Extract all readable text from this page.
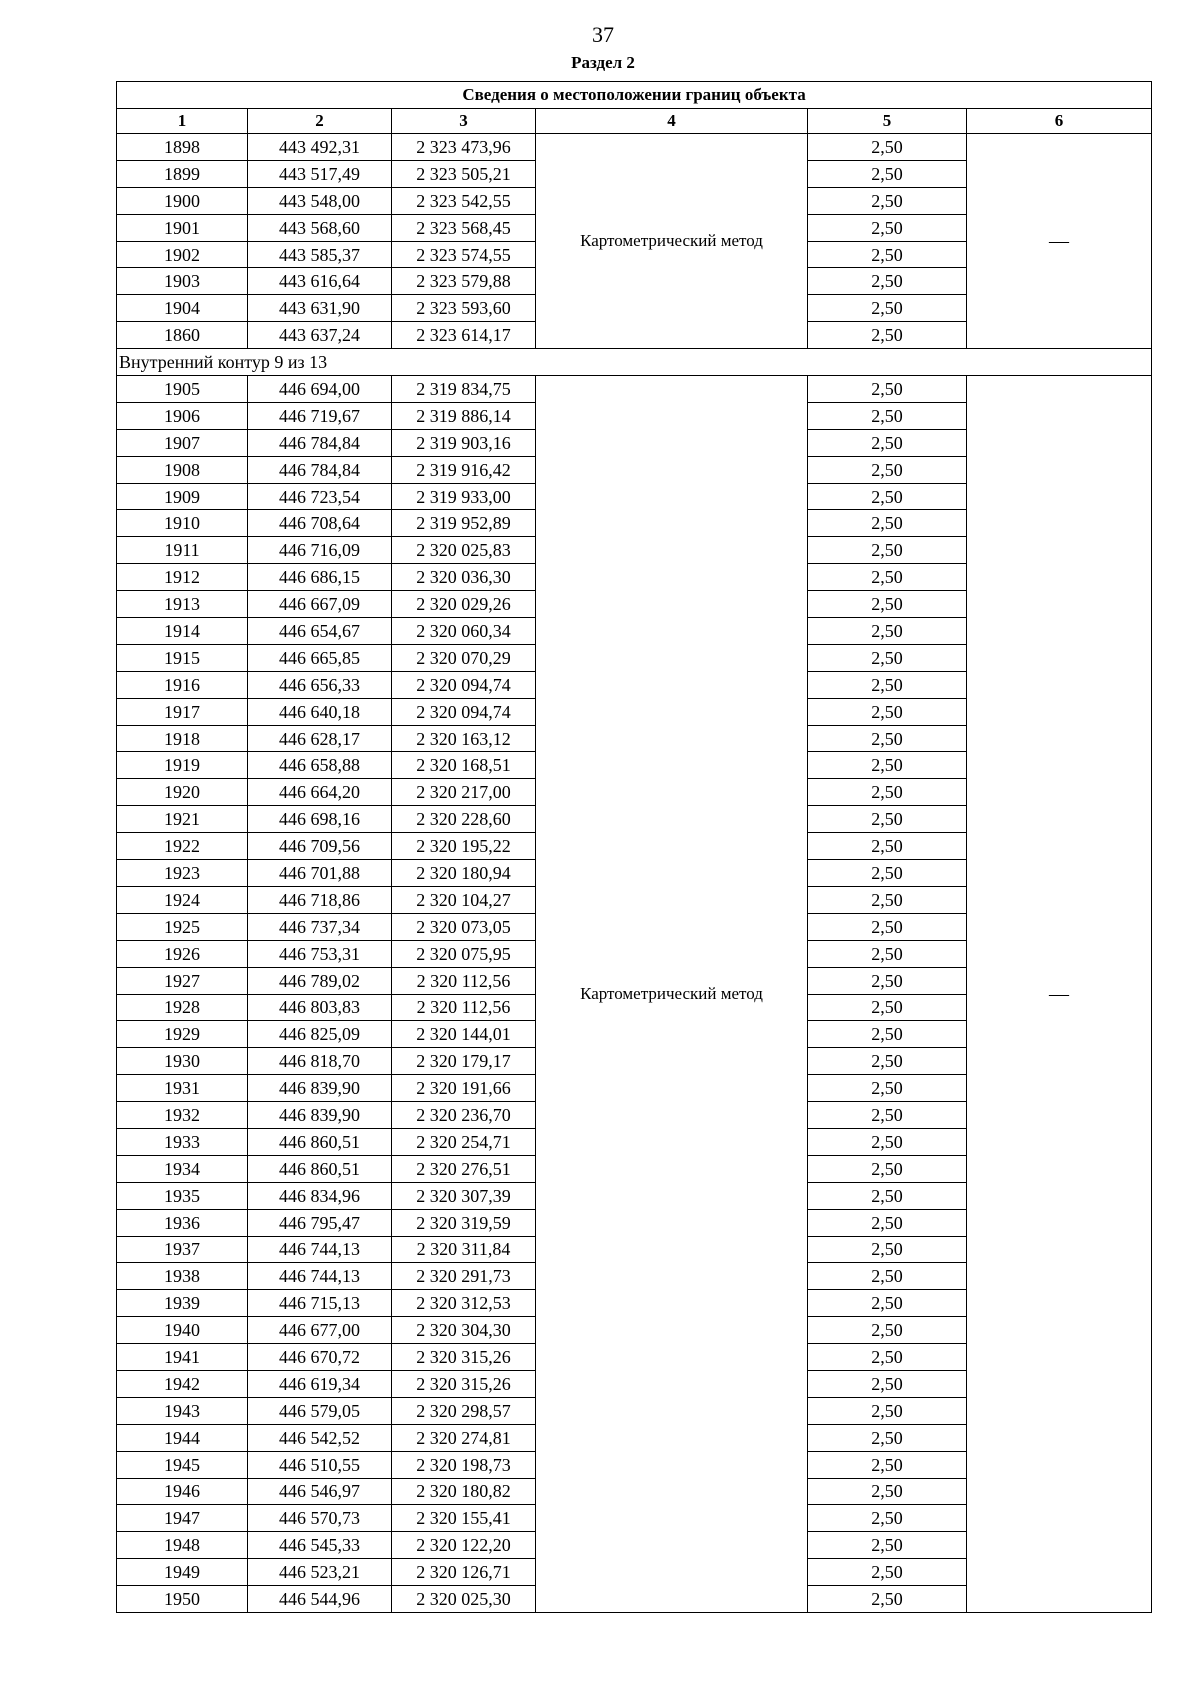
37
Раздел 2
Сведения о местоположении границ объекта					
1	2	3	4	5	6
1898	443 492,31	2 323 473,96	Картометрический метод	2,50	—
1899	443 517,49	2 323 505,21		2,50	
1900	443 548,00	2 323 542,55		2,50	
1901	443 568,60	2 323 568,45		2,50	
1902	443 585,37	2 323 574,55		2,50	
1903	443 616,64	2 323 579,88		2,50	
1904	443 631,90	2 323 593,60		2,50	
1860	443 637,24	2 323 614,17		2,50	
Внутренний контур 9 из 13					
1905	446 694,00	2 319 834,75	Картометрический метод	2,50	—
1906	446 719,67	2 319 886,14		2,50	
1907	446 784,84	2 319 903,16		2,50	
1908	446 784,84	2 319 916,42		2,50	
1909	446 723,54	2 319 933,00		2,50	
1910	446 708,64	2 319 952,89		2,50	
1911	446 716,09	2 320 025,83		2,50	
1912	446 686,15	2 320 036,30		2,50	
1913	446 667,09	2 320 029,26		2,50	
1914	446 654,67	2 320 060,34		2,50	
1915	446 665,85	2 320 070,29		2,50	
1916	446 656,33	2 320 094,74		2,50	
1917	446 640,18	2 320 094,74		2,50	
1918	446 628,17	2 320 163,12		2,50	
1919	446 658,88	2 320 168,51		2,50	
1920	446 664,20	2 320 217,00		2,50	
1921	446 698,16	2 320 228,60		2,50	
1922	446 709,56	2 320 195,22		2,50	
1923	446 701,88	2 320 180,94		2,50	
1924	446 718,86	2 320 104,27		2,50	
1925	446 737,34	2 320 073,05		2,50	
1926	446 753,31	2 320 075,95		2,50	
1927	446 789,02	2 320 112,56		2,50	
1928	446 803,83	2 320 112,56		2,50	
1929	446 825,09	2 320 144,01		2,50	
1930	446 818,70	2 320 179,17		2,50	
1931	446 839,90	2 320 191,66		2,50	
1932	446 839,90	2 320 236,70		2,50	
1933	446 860,51	2 320 254,71		2,50	
1934	446 860,51	2 320 276,51		2,50	
1935	446 834,96	2 320 307,39		2,50	
1936	446 795,47	2 320 319,59		2,50	
1937	446 744,13	2 320 311,84		2,50	
1938	446 744,13	2 320 291,73		2,50	
1939	446 715,13	2 320 312,53		2,50	
1940	446 677,00	2 320 304,30		2,50	
1941	446 670,72	2 320 315,26		2,50	
1942	446 619,34	2 320 315,26		2,50	
1943	446 579,05	2 320 298,57		2,50	
1944	446 542,52	2 320 274,81		2,50	
1945	446 510,55	2 320 198,73		2,50	
1946	446 546,97	2 320 180,82		2,50	
1947	446 570,73	2 320 155,41		2,50	
1948	446 545,33	2 320 122,20		2,50	
1949	446 523,21	2 320 126,71		2,50	
1950	446 544,96	2 320 025,30		2,50	
